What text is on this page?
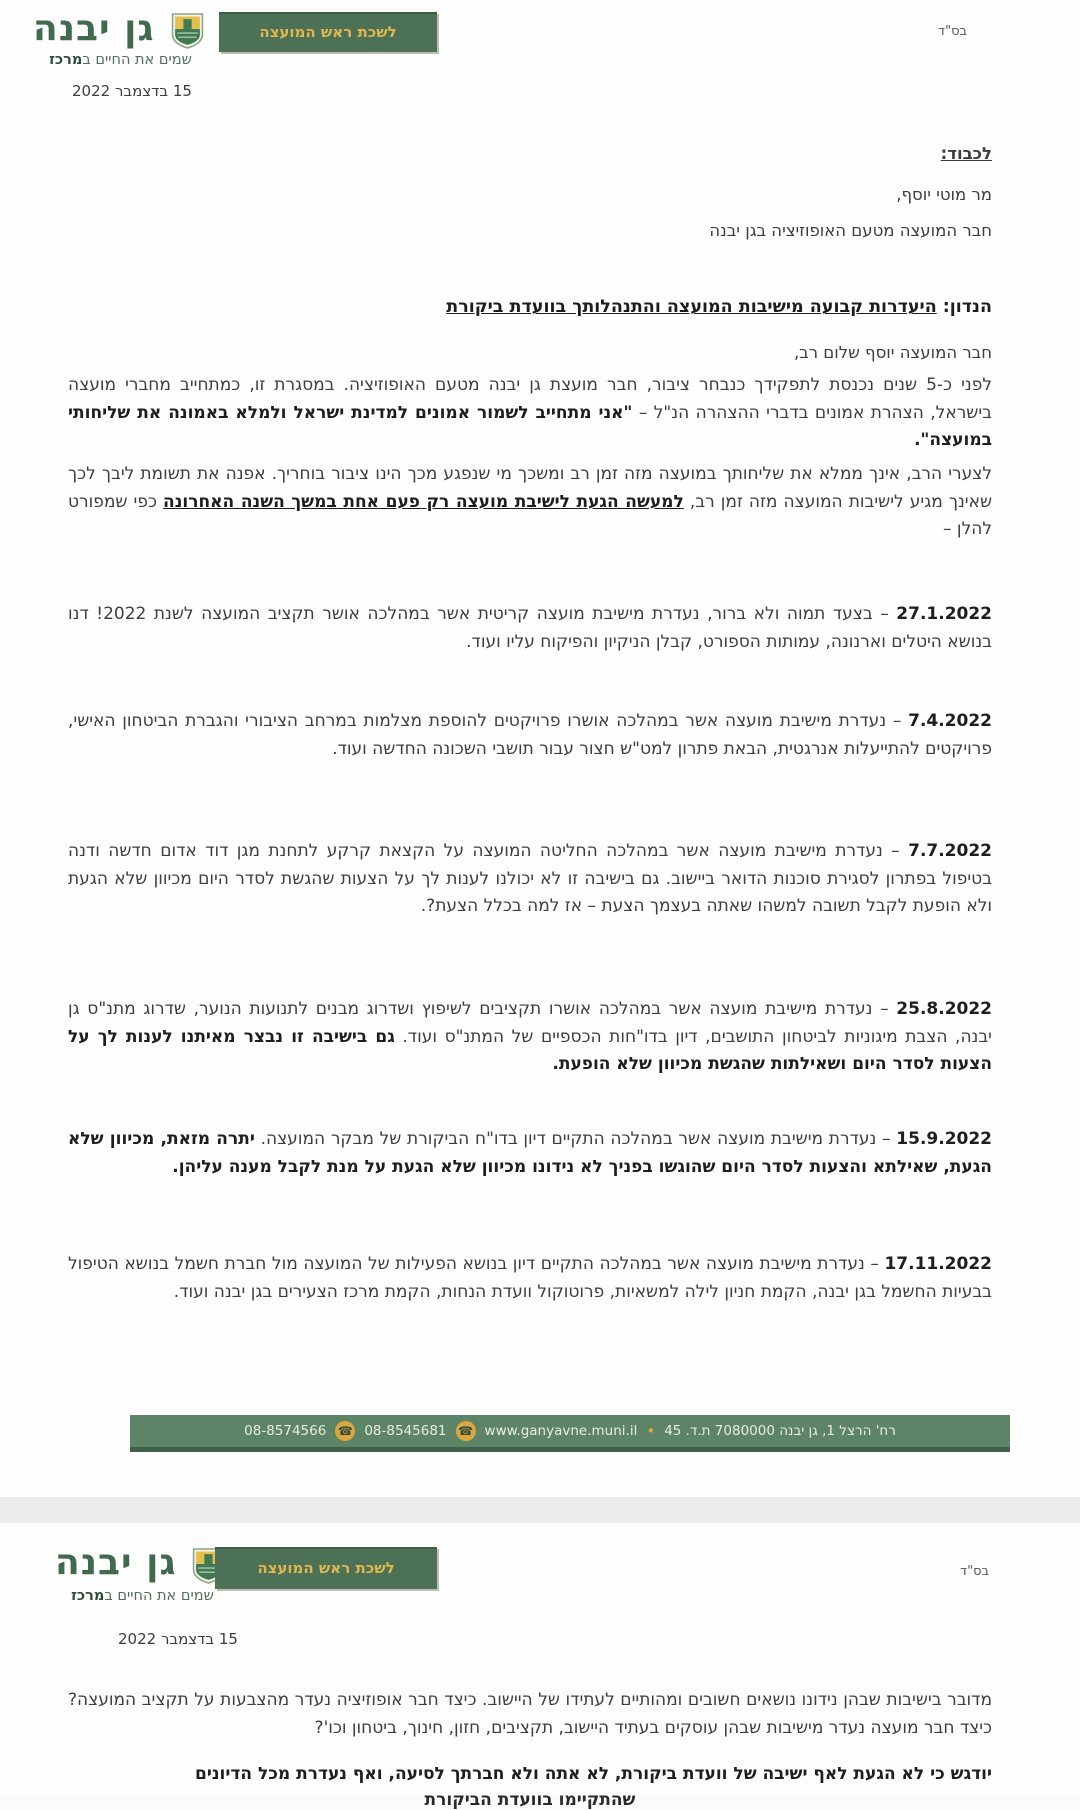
גן יבנה
שמים את החיים במרכז
לשכת ראש המועצה	בס"ד
15 בדצמבר 2022
לכבוד:
מר מוטי יוסף,
חבר המועצה מטעם האופוזיציה בגן יבנה
הנדון:היעדרות קבועה מישיבות המועצה והתנהלותך בוועדת ביקורת
חבר המועצה יוסף שלום רב,
לפני כ-5 שנים נכנסת לתפקידך כנבחר ציבור, חבר מועצת גן יבנה מטעם האופוזיציה. במסגרת זו, כמתחייב מחברי מועצה בישראל, הצהרת אמונים בדברי ההצהרה הנ"ל – "אני מתחייב לשמור אמונים למדינת ישראל ולמלא באמונה את שליחותי במועצה".
לצערי הרב, אינך ממלא את שליחותך במועצה מזה זמן רב ומשכך מי שנפגע מכך הינו ציבור בוחריך. אפנה את תשומת ליבך לכך שאינך מגיע לישיבות המועצה מזה זמן רב, למעשה הגעת לישיבת מועצה רק פעם אחת במשך השנה האחרונה כפי שמפורט להלן –
27.1.2022 – בצעד תמוה ולא ברור, נעדרת מישיבת מועצה קריטית אשר במהלכה אושר תקציב המועצה לשנת 2022! דנו בנושא היטלים וארנונה, עמותות הספורט, קבלן הניקיון והפיקוח עליו ועוד.
7.4.2022 – נעדרת מישיבת מועצה אשר במהלכה אושרו פרויקטים להוספת מצלמות במרחב הציבורי והגברת הביטחון האישי, פרויקטים להתייעלות אנרגטית, הבאת פתרון למט"ש חצור עבור תושבי השכונה החדשה ועוד.
7.7.2022 – נעדרת מישיבת מועצה אשר במהלכה החליטה המועצה על הקצאת קרקע לתחנת מגן דוד אדום חדשה ודנה בטיפול בפתרון לסגירת סוכנות הדואר ביישוב. גם בישיבה זו לא יכולנו לענות לך על הצעות שהגשת לסדר היום מכיוון שלא הגעת ולא הופעת לקבל תשובה למשהו שאתה בעצמך הצעת – אז למה בכלל הצעת?.
25.8.2022 – נעדרת מישיבת מועצה אשר במהלכה אושרו תקציבים לשיפוץ ושדרוג מבנים לתנועות הנוער, שדרוג מתנ"ס גן יבנה, הצבת מיגוניות לביטחון התושבים, דיון בדו"חות הכספיים של המתנ"ס ועוד. גם בישיבה זו נבצר מאיתנו לענות לך על הצעות לסדר היום ושאילתות שהגשת מכיוון שלא הופעת.
15.9.2022 – נעדרת מישיבת מועצה אשר במהלכה התקיים דיון בדו"ח הביקורת של מבקר המועצה. יתרה מזאת, מכיוון שלא הגעת, שאילתא והצעות לסדר היום שהוגשו בפניך לא נידונו מכיוון שלא הגעת על מנת לקבל מענה עליהן.
17.11.2022 – נעדרת מישיבת מועצה אשר במהלכה התקיים דיון בנושא הפעילות של המועצה מול חברת חשמל בנושא הטיפול בבעיות החשמל בגן יבנה, הקמת חניון לילה למשאיות, פרוטוקול וועדת הנחות, הקמת מרכז הצעירים בגן יבנה ועוד.
רח' הרצל 1, גן יבנה 7080000 ת.ד. 45
•
www.ganyavne.muni.il
☎
08-8545681
☎
08-8574566
גן יבנה
שמים את החיים במרכז
לשכת ראש המועצה	בס"ד
15 בדצמבר 2022
מדובר בישיבות שבהן נידונו נושאים חשובים ומהותיים לעתידו של היישוב. כיצד חבר אופוזיציה נעדר מהצבעות על תקציב המועצה? כיצד חבר מועצה נעדר מישיבות שבהן עוסקים בעתיד היישוב, תקציבים, חזון, חינוך, ביטחון וכו'?
יודגש כי לא הגעת לאף ישיבה של וועדת ביקורת, לא אתה ולא חברתך לסיעה, ואף נעדרת מכל הדיונים
שהתקיימו בוועדת הביקורת
